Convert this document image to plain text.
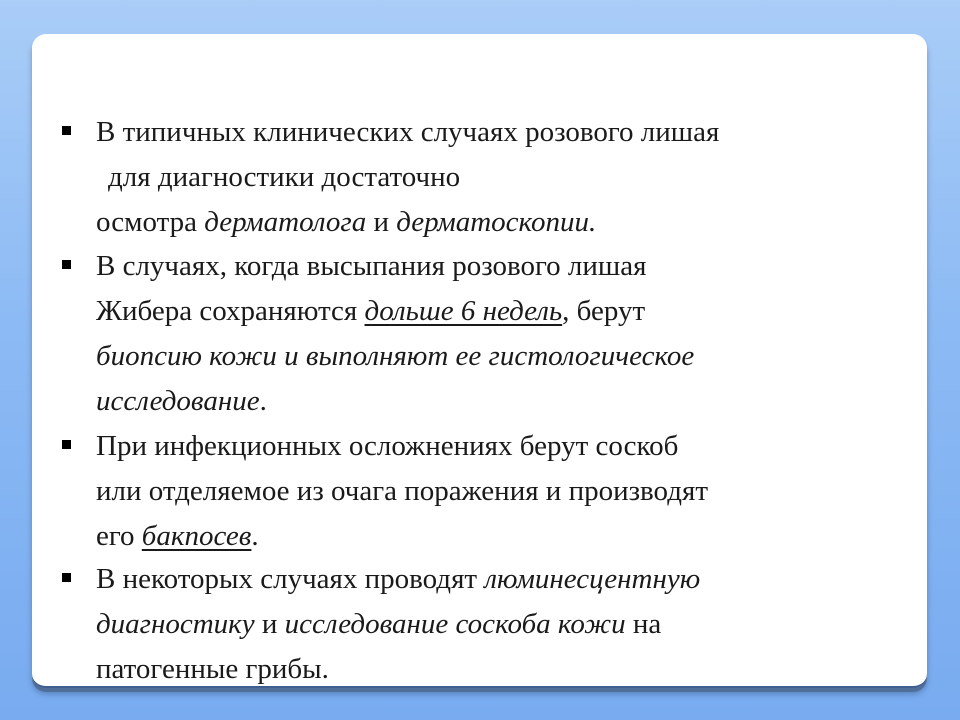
В типичных клинических случаях розового лишая
для диагностики достаточно
осмотра дерматолога и дерматоскопии.
В случаях, когда высыпания розового лишая
Жибера сохраняются дольше 6 недель, берут
биопсию кожи и выполняют ее гистологическое
исследование.
При инфекционных осложнениях берут соскоб
или отделяемое из очага поражения и производят
его бакпосев.
В некоторых случаях проводят люминесцентную
диагностику и исследование соскоба кожи на
патогенные грибы.
